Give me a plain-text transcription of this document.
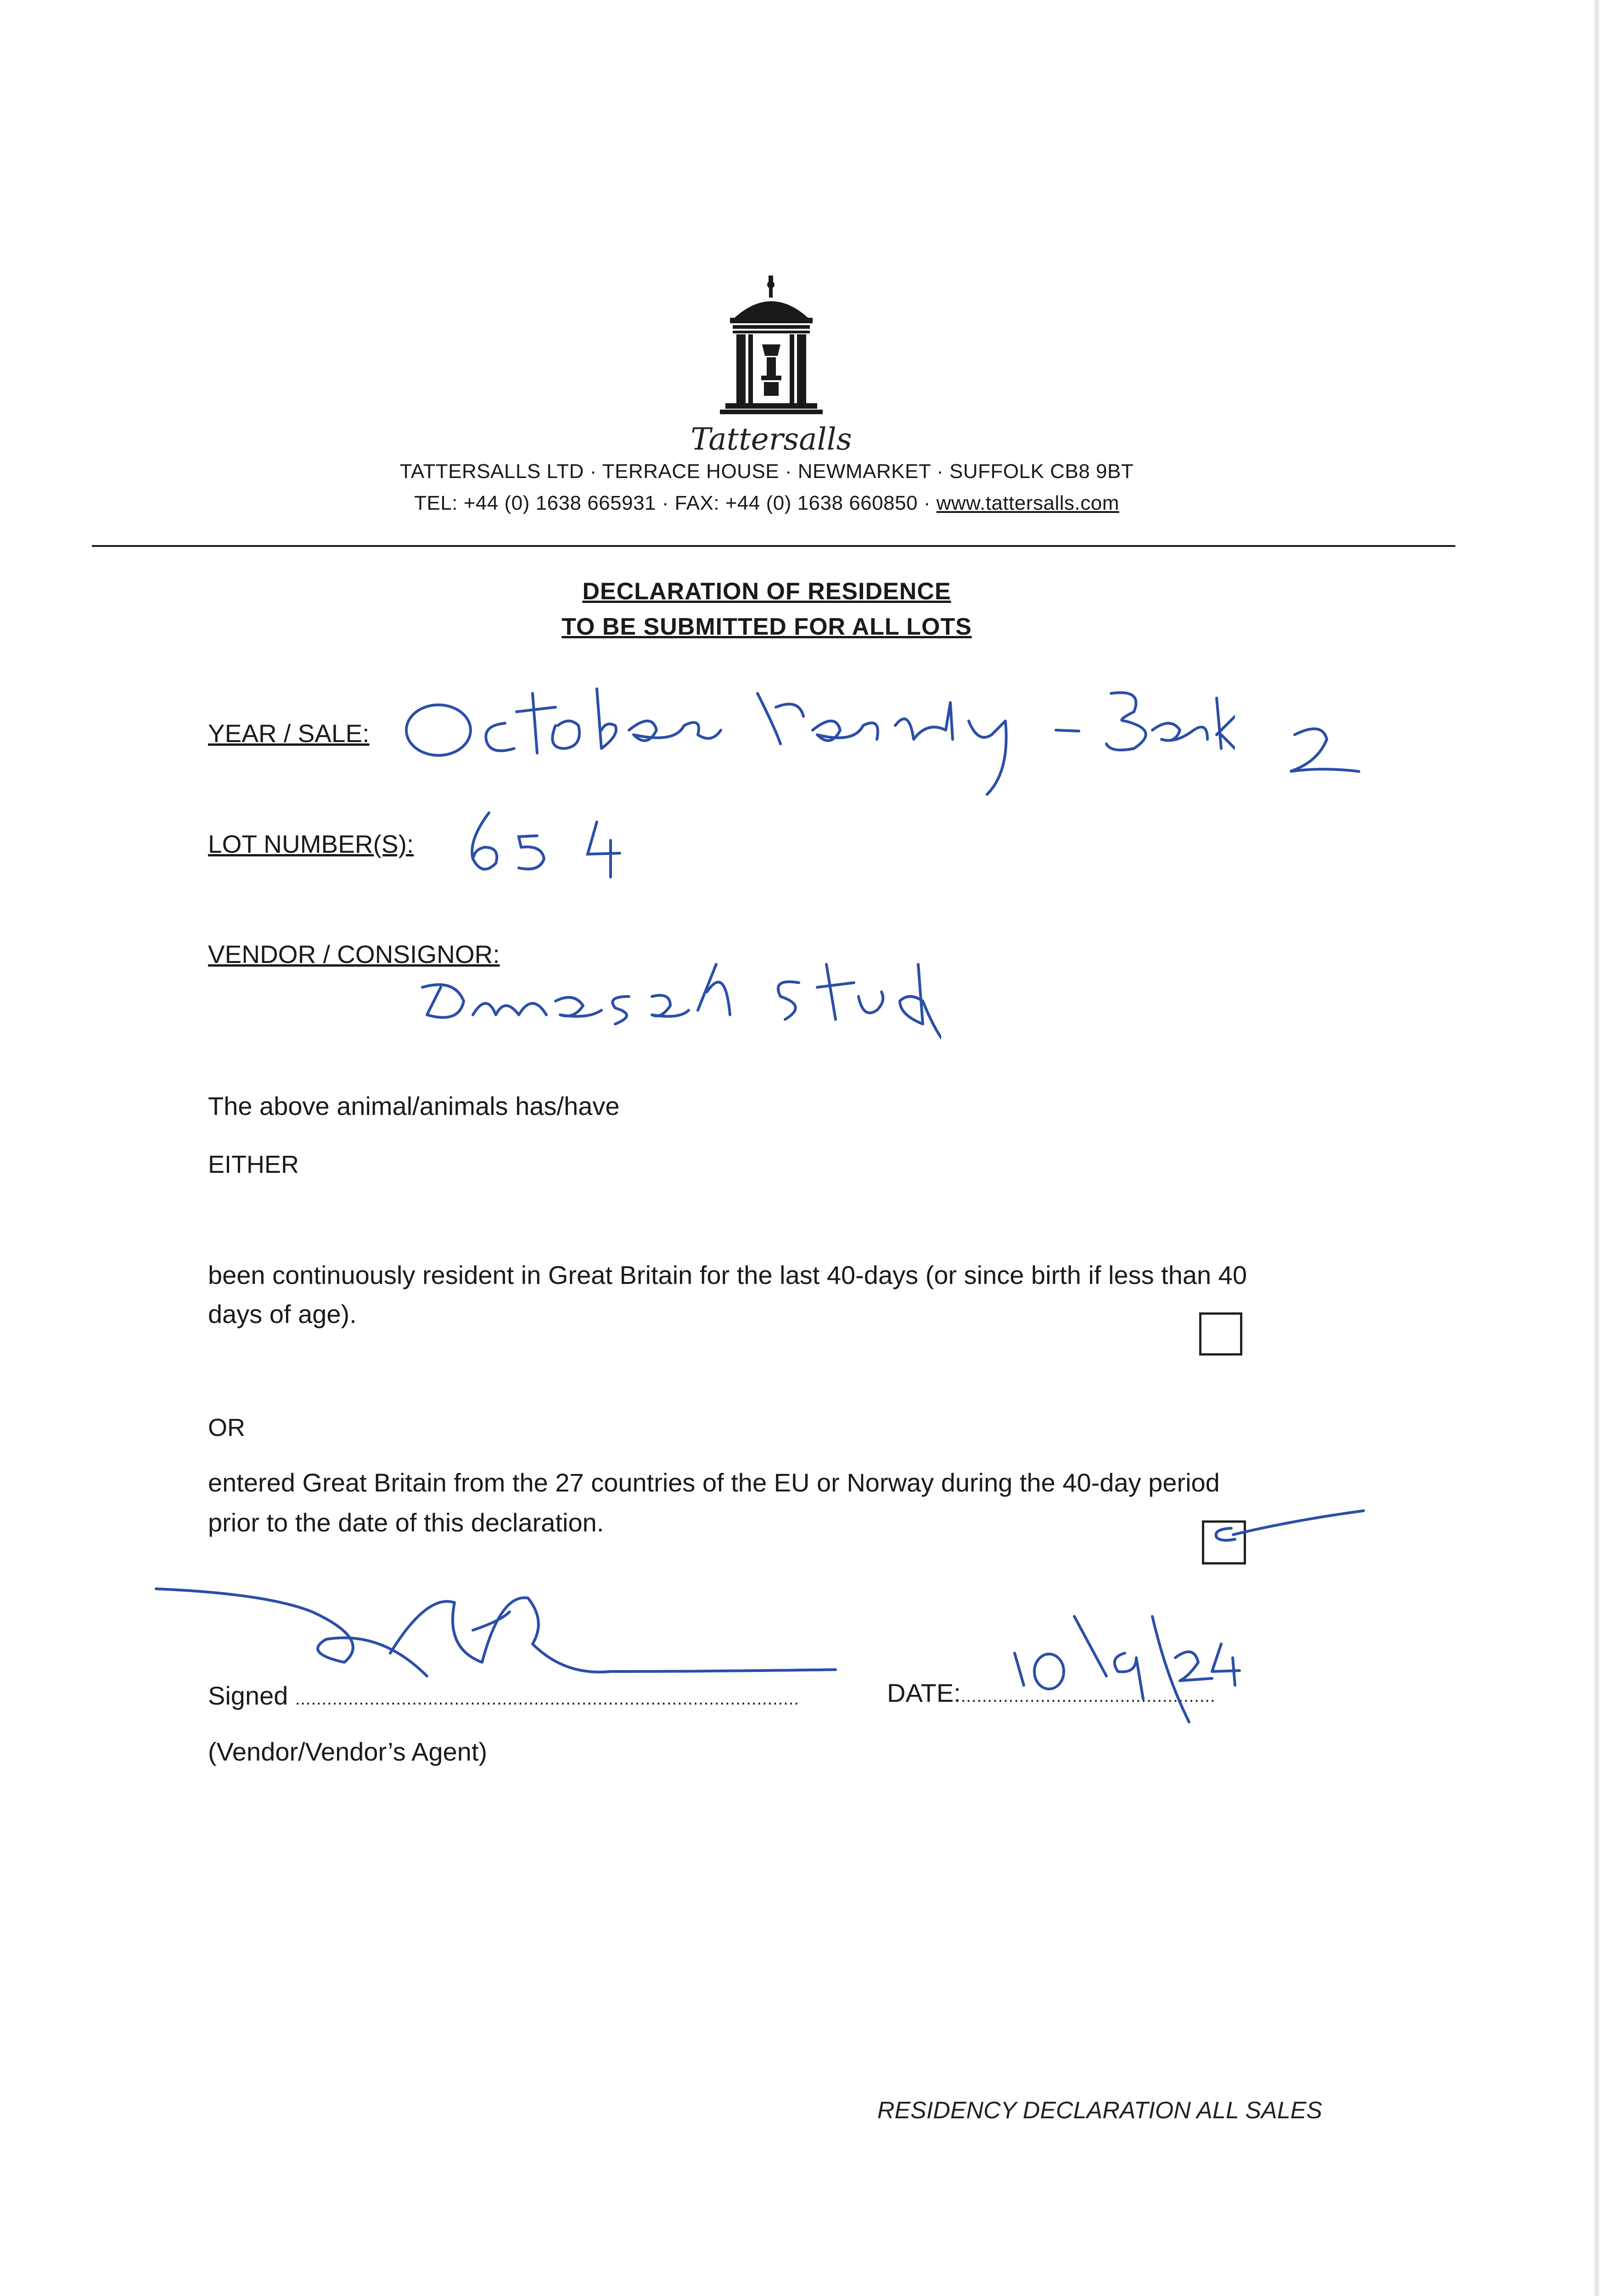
Tattersalls
TATTERSALLS LTD · TERRACE HOUSE · NEWMARKET · SUFFOLK CB8 9BT
TEL: +44 (0) 1638 665931 · FAX: +44 (0) 1638 660850 · www.tattersalls.com
DECLARATION OF RESIDENCE
TO BE SUBMITTED FOR ALL LOTS
YEAR / SALE:
LOT NUMBER(S):
VENDOR / CONSIGNOR:
The above animal/animals has/have
EITHER
been continuously resident in Great Britain for the last 40-days (or since birth if less than 40
days of age).
OR
entered Great Britain from the 27 countries of the EU or Norway during the 40-day period
prior to the date of this declaration.
Signed ...............................................................................................	DATE:................................................
(Vendor/Vendor’s Agent)
RESIDENCY DECLARATION ALL SALES
